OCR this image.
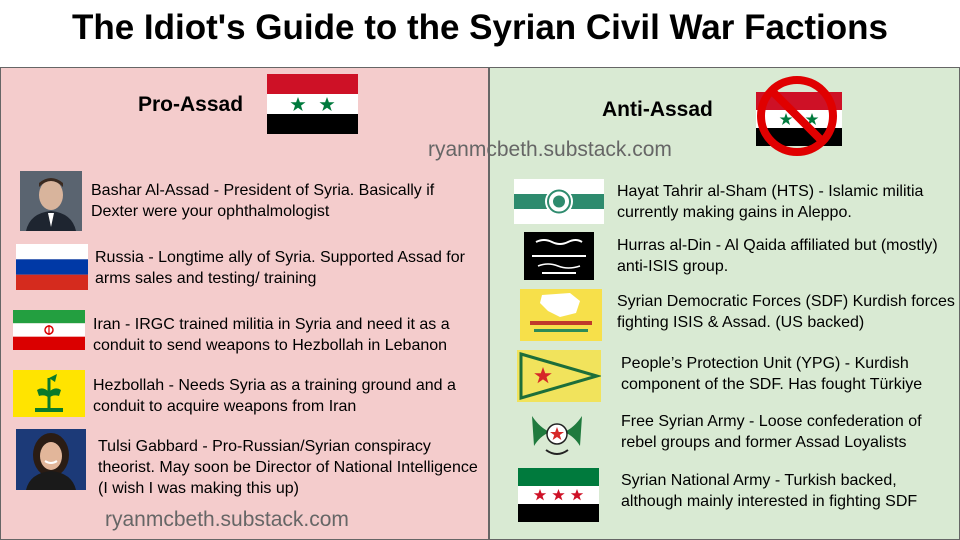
The Idiot's Guide to the Syrian Civil War Factions
Pro-Assad
Bashar Al-Assad - President of Syria. Basically if Dexter were your ophthalmologist
Russia - Longtime ally of Syria. Supported Assad for arms sales and testing/ training
Iran - IRGC trained militia in Syria and need it as a conduit to send weapons to Hezbollah in Lebanon
Hezbollah - Needs Syria as a training ground and a conduit to acquire weapons from Iran
Tulsi Gabbard - Pro-Russian/Syrian conspiracy theorist. May soon be Director of National Intelligence (I wish I was making this up)
ryanmcbeth.substack.com
Anti-Assad
ryanmcbeth.substack.com
Hayat Tahrir al-Sham (HTS) - Islamic militia currently making gains in Aleppo.
Hurras al-Din - Al Qaida affiliated but (mostly) anti-ISIS group.
Syrian Democratic Forces (SDF) Kurdish forces fighting ISIS & Assad. (US backed)
People’s Protection Unit (YPG) - Kurdish component of the SDF. Has fought Türkiye
Free Syrian Army - Loose confederation of rebel groups and former Assad Loyalists
Syrian National Army - Turkish backed, although mainly interested in fighting SDF
